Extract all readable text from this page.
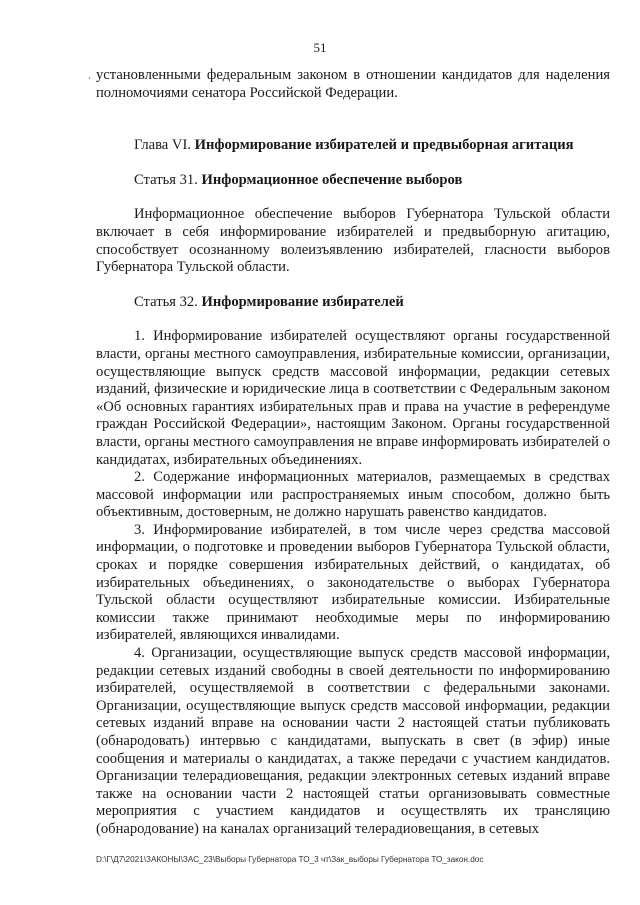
51

установленными федеральным законом в отношении кандидатов для наделения полномочиями сенатора Российской Федерации.

Глава VI. Информирование избирателей и предвыборная агитация
Статья 31. Информационное обеспечение выборов

Информационное обеспечение выборов Губернатора Тульской области включает в себя информирование избирателей и предвыборную агитацию, способствует осознанному волеизъявлению избирателей, гласности выборов Губернатора Тульской области.

Статья 32. Информирование избирателей

1. Информирование избирателей осуществляют органы государственной власти, органы местного самоуправления, избирательные комиссии, организации, осуществляющие выпуск средств массовой информации, редакции сетевых изданий, физические и юридические лица в соответствии с Федеральным законом «Об основных гарантиях избирательных прав и права на участие в референдуме граждан Российской Федерации», настоящим Законом. Органы государственной власти, органы местного самоуправления не вправе информировать избирателей о кандидатах, избирательных объединениях.

2. Содержание информационных материалов, размещаемых в средствах массовой информации или распространяемых иным способом, должно быть объективным, достоверным, не должно нарушать равенство кандидатов.

3. Информирование избирателей, в том числе через средства массовой информации, о подготовке и проведении выборов Губернатора Тульской области, сроках и порядке совершения избирательных действий, о кандидатах, об избирательных объединениях, о законодательстве о выборах Губернатора Тульской области осуществляют избирательные комиссии. Избирательные комиссии также принимают необходимые меры по информированию избирателей, являющихся инвалидами.

4. Организации, осуществляющие выпуск средств массовой информации, редакции сетевых изданий свободны в своей деятельности по информированию избирателей, осуществляемой в соответствии с федеральными законами. Организации, осуществляющие выпуск средств массовой информации, редакции сетевых изданий вправе на основании части 2 настоящей статьи публиковать (обнародовать) интервью с кандидатами, выпускать в свет (в эфир) иные сообщения и материалы о кандидатах, а также передачи с участием кандидатов. Организации телерадиовещания, редакции электронных сетевых изданий вправе также на основании части 2 настоящей статьи организовывать совместные мероприятия с участием кандидатов и осуществлять их трансляцию (обнародование) на каналах организаций телерадиовещания, в сетевых

D:\Г\Д7\2021\ЗАКОНЫ\ЗАС_23\Выборы Губернатора ТО_3 чт\Зак_выборы Губернатора ТО_закон.doc
